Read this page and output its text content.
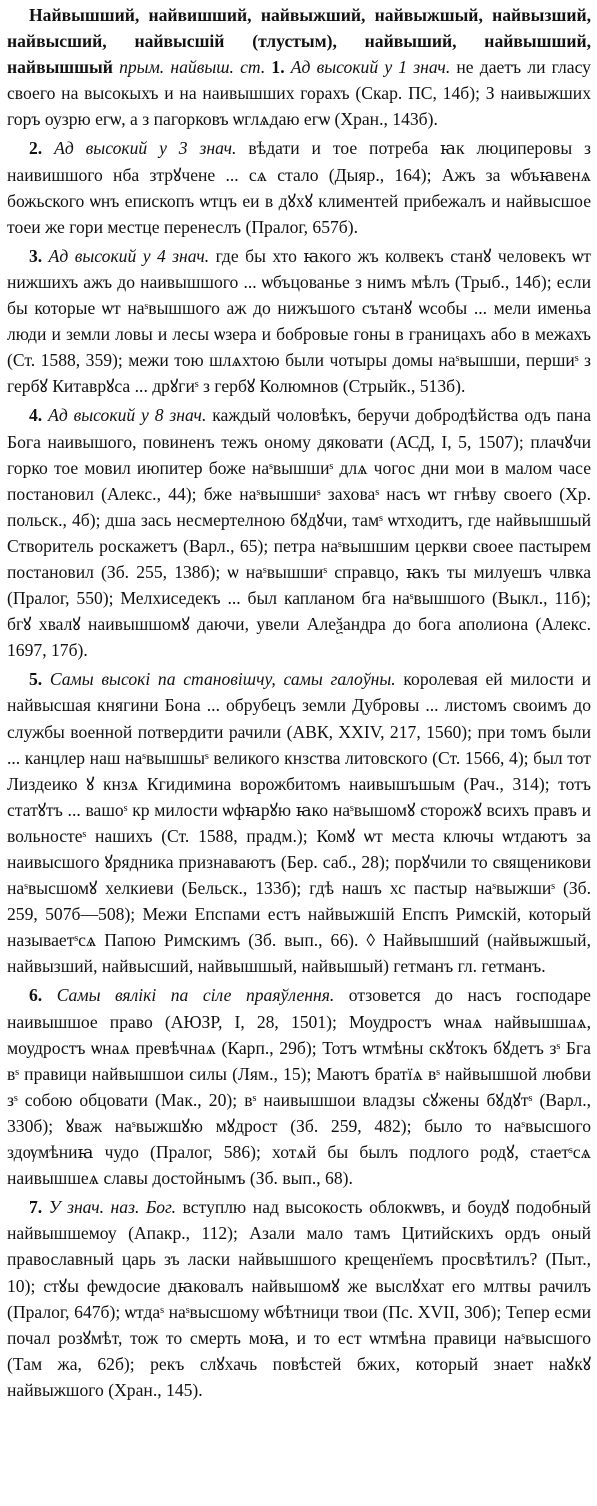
Найвышший, найвишший, найвыжший, найвыжшый, найвызший, найвысший, найвысшій (тлустым), найвыший, найвышший, найвышшый прым. найвыш. ст. 1. Ад высокий у 1 знач. не даетъ ли гласу своего на высокыхъ и на наивышших горахъ (Скар. ПС, 14б); З наивыжших горъ оузрю егѡ, а з пагорковъ ѡглѧдаю егѡ (Хран., 143б).

2. Ад высокий у 3 знач. вѣдати и тое потреба ꙗк люциперовы з наивишшого нба зтрꙋчене ... сѧ стало (Дыяр., 164); Ажъ за ѡбъꙗвенѧ божьского ѡнъ епископъ ѡтцъ еи в дꙋхꙋ климентей прибежалъ и найвысшое тоеи же гори местце перенеслъ (Пралог, 657б).

3. Ад высокий у 4 знач. где бы хто ꙗкого жъ колвекъ станꙋ человекъ ѡт нижшихъ ажъ до наивышшого ... ѡбъцованье з нимъ мѣлъ (Трыб., 14б); если бы которые ѡт наˢвышшого аж до нижъшого сътанꙋ ѡсобы ... мели именьа люди и земли ловы и лесы ѡзера и бобровые гоны в границахъ або в межахъ (Ст. 1588, 359); межи тою шлѧхтою были чотыры домы наˢвышши, першиˢ з гербꙋ Китаврꙋса ... дрꙋгиˢ з гербꙋ Колюмнов (Стрыйк., 513б).

4. Ад высокий у 8 знач. каждый чоловѣкъ, беручи добродѣйства одъ пана Бога наивышого, повиненъ тежъ оному дяковати (АСД, I, 5, 1507); плачꙋчи горко тое мовил июпитер боже наˢвышшиˢ длѧ чогос дни мои в малом часе постановил (Алекс., 44); бже наˢвышшиˢ заховаˢ насъ ѡт гнѣву своего (Хр. польск., 4б); дша зась несмертелною бꙋдꙋчи, тамˢ ѡтходитъ, где найвышшый Створитель роскажетъ (Варл., 65); петра наˢвышшим церкви своее пастырем постановил (Зб. 255, 138б); ѡ наˢвышшиˢ справцо, ꙗкъ ты милуешъ члвка (Пралог, 550); Мелхиседекъ ... был капланом бга наˢвышшого (Выкл., 11б); бгꙋ хвалꙋ наивышшомꙋ даючи, увели Алеѯандра до бога аполиона (Алекс. 1697, 17б).

5. Самы высокі па становішчу, самы галоўны. королевая ей милости и найвысшая княгини Бона ... обрубецъ земли Дубровы ... листомъ своимъ до службы военной потвердити рачили (АВК, XXIV, 217, 1560); при томъ были ... канцлер наш наˢвышшыˢ великого кнзства литовского (Ст. 1566, 4); был тот Лиздеико ꙋ кнзѧ Кгидимина ворожбитомъ наивышъшым (Рач., 314); тотъ статꙋтъ ... вашоˢ кр милости ѡфꙗрꙋю ꙗко наˢвышомꙋ сторожꙋ всихъ правъ и вольностеˢ нашихъ (Ст. 1588, прадм.); Комꙋ ѡт места ключы ѡтдаютъ за наивысшого ꙋрядника признаваютъ (Бер. саб., 28); порꙋчили то священикови наˢвысшомꙋ хелкиеви (Бельск., 133б); гдѣ нашъ хс пастыр наˢвыжшиˢ (Зб. 259, 507б—508); Межи Епспами естъ найвыжшій Епспъ Римскій, который называетˢсѧ Папою Римскимъ (Зб. вып., 66). ◊ Найвышший (найвыжшый, найвызший, найвысший, найвышшый, найвышый) гетманъ гл. гетманъ.

6. Самы вялікі па сіле праяўлення. отзовется до насъ господаре наивышшое право (АЮЗР, I, 28, 1501); Моудростъ ѡнаѧ найвышшаѧ, моудростъ ѡнаѧ превѣчнаѧ (Карп., 29б); Тотъ ѡтмѣны скꙋтокъ бꙋдетъ зˢ Бга вˢ правици найвышшои силы (Лям., 15); Маютъ братїѧ вˢ найвышшой любви зˢ собою обцовати (Мак., 20); вˢ наивышшои владзы сꙋжены бꙋдꙋтˢ (Варл., 330б); ꙋваж наˢвыжшꙋю мꙋдрост (Зб. 259, 482); было то наˢвысшого здѹмѣниꙗ чудо (Пралог, 586); хотѧй бы былъ подлого родꙋ, стаетˢсѧ наивышшеѧ славы достойнымъ (Зб. вып., 68).

7. У знач. наз. Бог. вступлю над высокость облокѡвъ, и боудꙋ подобный найвышшемоу (Апакр., 112); Азали мало тамъ Цитийскихъ ордъ оный православный царь зъ ласки найвышшого крещенïемъ просвѣтилъ? (Пыт., 10); стꙋы феѡдосие дꙗковалъ найвышомꙋ же выслꙋхат его млтвы рачилъ (Пралог, 647б); ѡтдаˢ наˢвысшому ѡбѣтници твои (Пс. XVII, 30б); Тепер есми почал розꙋмѣт, тож то смерть моꙗ, и то ест ѡтмѣна правици наˢвысшого (Там жа, 62б); рекъ слꙋхачь повѣстей бжих, который знает наꙋкꙋ найвыжшого (Хран., 145).
